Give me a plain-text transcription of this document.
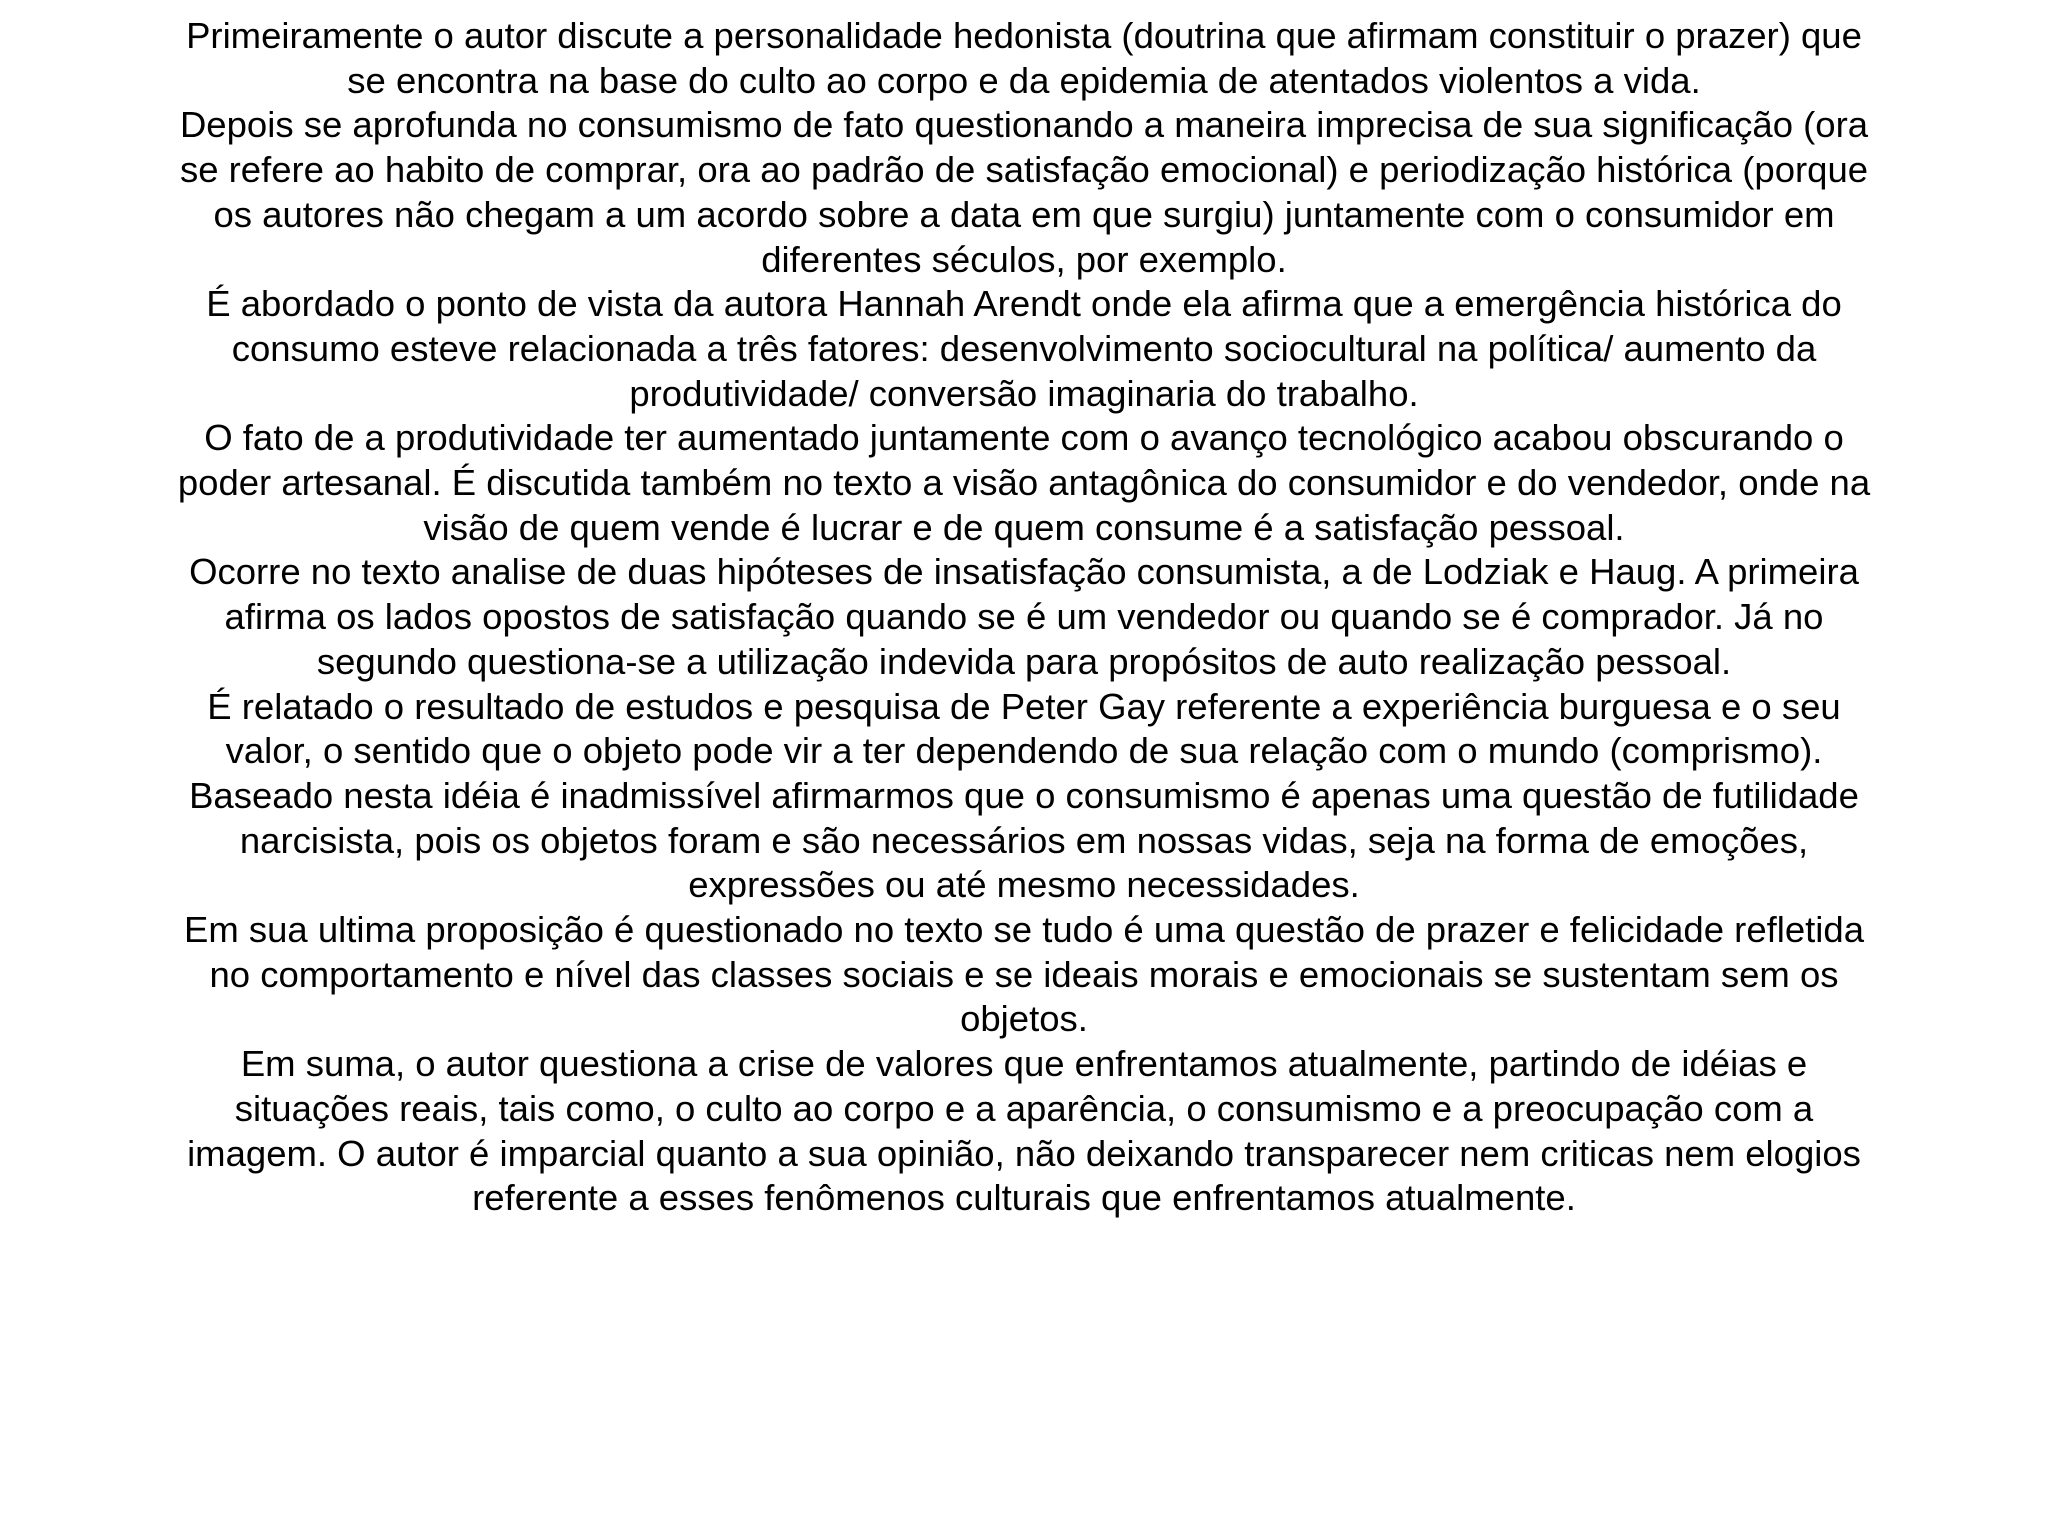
Primeiramente o autor discute a personalidade hedonista (doutrina que afirmam constituir o prazer) que se encontra na base do culto ao corpo e da epidemia de atentados violentos a vida.

Depois se aprofunda no consumismo de fato questionando a maneira imprecisa de sua significação (ora se refere ao habito de comprar, ora ao padrão de satisfação emocional) e periodização histórica (porque os autores não chegam a um acordo sobre a data em que surgiu) juntamente com o consumidor em diferentes séculos, por exemplo.

É abordado o ponto de vista da autora Hannah Arendt onde ela afirma que a emergência histórica do consumo esteve relacionada a três fatores: desenvolvimento sociocultural na política/ aumento da produtividade/ conversão imaginaria do trabalho.

O fato de a produtividade ter aumentado juntamente com o avanço tecnológico acabou obscurando o poder artesanal. É discutida também no texto a visão antagônica do consumidor e do vendedor, onde na visão de quem vende é lucrar e de quem consume é a satisfação pessoal.

Ocorre no texto analise de duas hipóteses de insatisfação consumista, a de Lodziak e Haug. A primeira afirma os lados opostos de satisfação quando se é um vendedor ou quando se é comprador. Já no segundo questiona-se a utilização indevida para propósitos de auto realização pessoal.

É relatado o resultado de estudos e pesquisa de Peter Gay referente a experiência burguesa e o seu valor, o sentido que o objeto pode vir a ter dependendo de sua relação com o mundo (comprismo). Baseado nesta idéia é inadmissível afirmarmos que o consumismo é apenas uma questão de futilidade narcisista, pois os objetos foram e são necessários em nossas vidas, seja na forma de emoções, expressões ou até mesmo necessidades.

Em sua ultima proposição é questionado no texto se tudo é uma questão de prazer e felicidade refletida no comportamento e nível das classes sociais e se ideais morais e emocionais se sustentam sem os objetos.

Em suma, o autor questiona a crise de valores que enfrentamos atualmente, partindo de idéias e situações reais, tais como, o culto ao corpo e a aparência, o consumismo e a preocupação com a imagem. O autor é imparcial quanto a sua opinião, não deixando transparecer nem criticas nem elogios referente a esses fenômenos culturais que enfrentamos atualmente.
